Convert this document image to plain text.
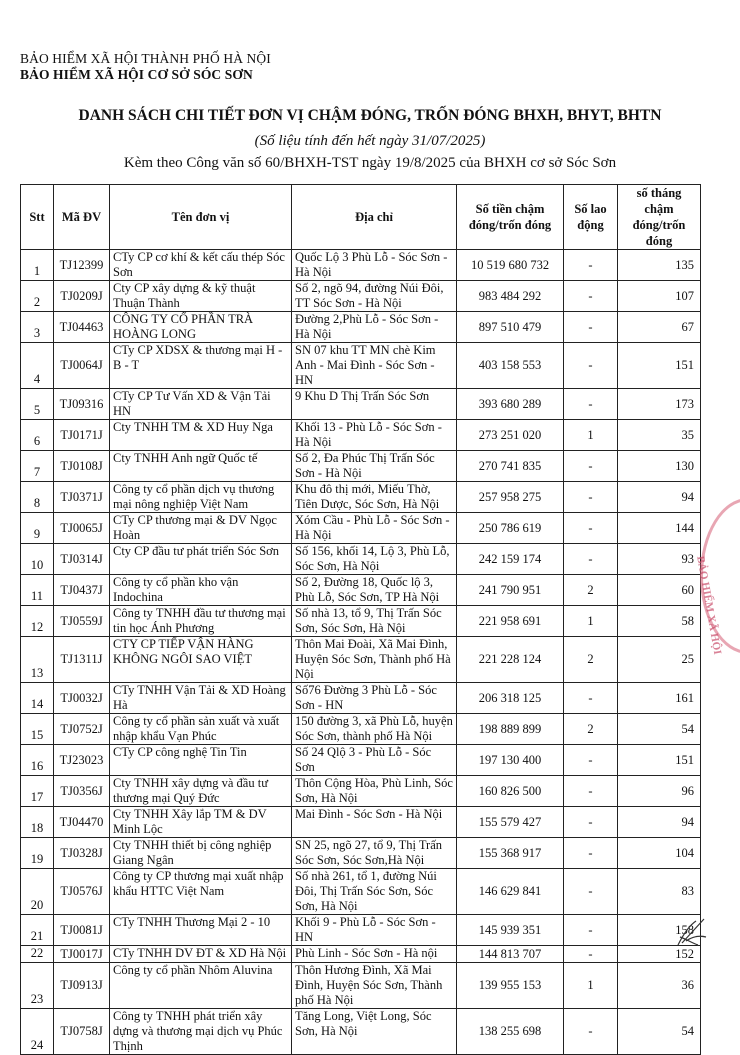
BẢO HIỂM XÃ HỘI THÀNH PHỐ HÀ NỘI
BẢO HIỂM XÃ HỘI CƠ SỞ SÓC SƠN
DANH SÁCH CHI TIẾT ĐƠN VỊ CHẬM ĐÓNG, TRỐN ĐÓNG BHXH, BHYT, BHTN
(Số liệu tính đến hết ngày 31/07/2025)
Kèm theo Công văn số 60/BHXH-TST ngày 19/8/2025 của BHXH cơ sở Sóc Sơn
Stt	Mã ĐV	Tên đơn vị	Địa chỉ	Số tiền chậm đóng/trốn đóng	Số lao động	số tháng chậm đóng/trốn đóng
1	TJ12399	CTy CP cơ khí & kết cấu thép Sóc Sơn	Quốc Lộ 3 Phù Lỗ - Sóc Sơn - Hà Nội	10 519 680 732	-	135
2	TJ0209J	Cty CP xây dựng & kỹ thuật Thuận Thành	Số 2, ngõ 94, đường Núi Đôi, TT Sóc Sơn - Hà Nội	983 484 292	-	107
3	TJ04463	CÔNG TY CỔ PHẦN TRÀ HOÀNG LONG	Đường 2,Phù Lỗ - Sóc Sơn - Hà Nội	897 510 479	-	67
4	TJ0064J	CTy CP XDSX & thương mại H - B - T	SN 07 khu TT MN chè Kim Anh - Mai Đình - Sóc Sơn - HN	403 158 553	-	151
5	TJ09316	CTy CP Tư Vấn XD & Vận Tải HN	9 Khu D Thị Trấn Sóc Sơn	393 680 289	-	173
6	TJ0171J	Cty TNHH TM & XD Huy Nga	Khối 13 - Phù Lỗ - Sóc Sơn - Hà Nội	273 251 020	1	35
7	TJ0108J	Cty TNHH Anh ngữ Quốc tế	Số 2, Đa Phúc Thị Trấn Sóc Sơn - Hà Nội	270 741 835	-	130
8	TJ0371J	Công ty cổ phần dịch vụ thương mại nông nghiệp Việt Nam	Khu đô thị mới, Miếu Thờ, Tiên Dược, Sóc Sơn, Hà Nội	257 958 275	-	94
9	TJ0065J	CTy CP thương mại & DV Ngọc Hoàn	Xóm Cầu - Phù Lỗ - Sóc Sơn - Hà Nội	250 786 619	-	144
10	TJ0314J	Cty CP đầu tư phát triển Sóc Sơn	Số 156, khối 14, Lộ 3, Phù Lỗ, Sóc Sơn, Hà Nội	242 159 174	-	93
11	TJ0437J	Công ty cổ phần kho vận Indochina	Số 2, Đường 18, Quốc lộ 3, Phù Lỗ, Sóc Sơn, TP Hà Nội	241 790 951	2	60
12	TJ0559J	Công ty TNHH đầu tư thương mại tin học Ánh Phương	Số nhà 13, tổ 9, Thị Trấn Sóc Sơn, Sóc Sơn, Hà Nội	221 958 691	1	58
13	TJ1311J	CTY CP TIẾP VẬN HÀNG KHÔNG NGÔI SAO VIỆT	Thôn Mai Đoài, Xã Mai Đình, Huyện Sóc Sơn, Thành phố Hà Nội	221 228 124	2	25
14	TJ0032J	CTy TNHH Vận Tải & XD Hoàng Hà	Số76 Đường 3 Phù Lỗ - Sóc Sơn - HN	206 318 125	-	161
15	TJ0752J	Công ty cổ phần sản xuất và xuất nhập khẩu Vạn Phúc	150 đường 3, xã Phù Lỗ, huyện Sóc Sơn, thành phố Hà Nội	198 889 899	2	54
16	TJ23023	CTy CP công nghệ Tin Tin	Số 24 Qlộ 3 - Phù Lỗ - Sóc Sơn	197 130 400	-	151
17	TJ0356J	Cty TNHH xây dựng và đầu tư thương mại Quý Đức	Thôn Cộng Hòa, Phù Linh, Sóc Sơn, Hà Nội	160 826 500	-	96
18	TJ04470	Cty TNHH Xây lắp TM & DV Minh Lộc	Mai Đình - Sóc Sơn - Hà Nội	155 579 427	-	94
19	TJ0328J	Cty TNHH thiết bị công nghiệp Giang Ngân	SN 25, ngõ 27, tổ 9, Thị Trấn Sóc Sơn, Sóc Sơn,Hà Nội	155 368 917	-	104
20	TJ0576J	Công ty CP thương mại xuất nhập khẩu HTTC Việt Nam	Số nhà 261, tổ 1, đường Núi Đôi, Thị Trấn Sóc Sơn, Sóc Sơn, Hà Nội	146 629 841	-	83
21	TJ0081J	CTy TNHH Thương Mại 2 - 10	Khối 9 - Phù Lỗ - Sóc Sơn - HN	145 939 351	-	158
22	TJ0017J	CTy TNHH DV ĐT & XD Hà Nội	Phù Linh - Sóc Sơn - Hà nội	144 813 707	-	152
23	TJ0913J	Công ty cổ phần Nhôm Aluvina	Thôn Hương Đình, Xã Mai Đình, Huyện Sóc Sơn, Thành phố Hà Nội	139 955 153	1	36
24	TJ0758J	Công ty TNHH phát triển xây dựng và thương mại dịch vụ Phúc Thịnh	Tăng Long, Việt Long, Sóc Sơn, Hà Nội	138 255 698	-	54
BẢO HIỂM XÃ HỘI
